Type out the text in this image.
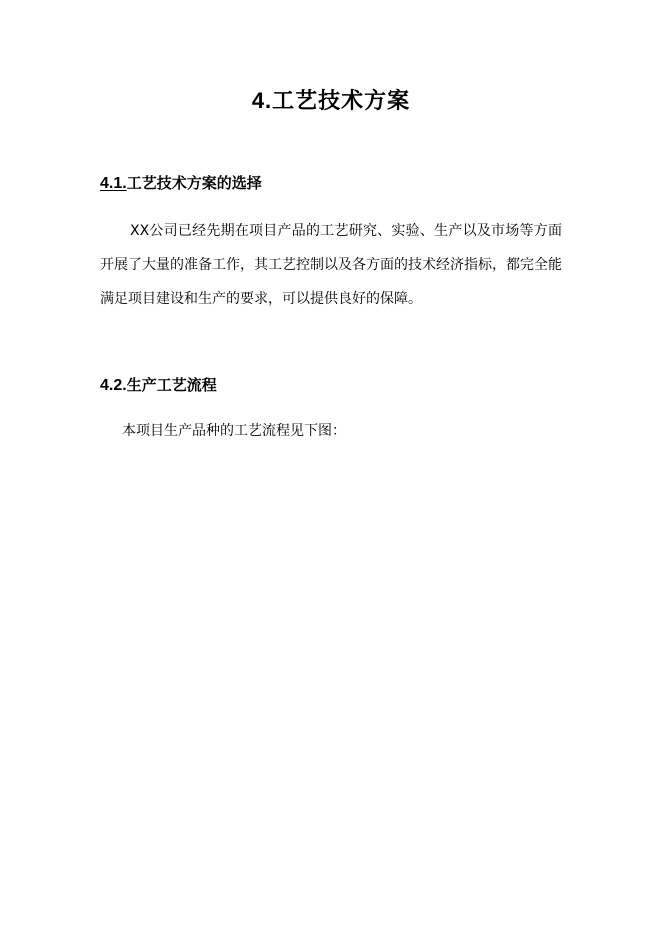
4.工艺技术方案
4.1.工艺技术方案的选择
XX公司已经先期在项目产品的工艺研究、实验、生产以及市场等方面开展了大量的准备工作，其工艺控制以及各方面的技术经济指标，都完全能满足项目建设和生产的要求，可以提供良好的保障。
4.2.生产工艺流程
本项目生产品种的工艺流程见下图：
